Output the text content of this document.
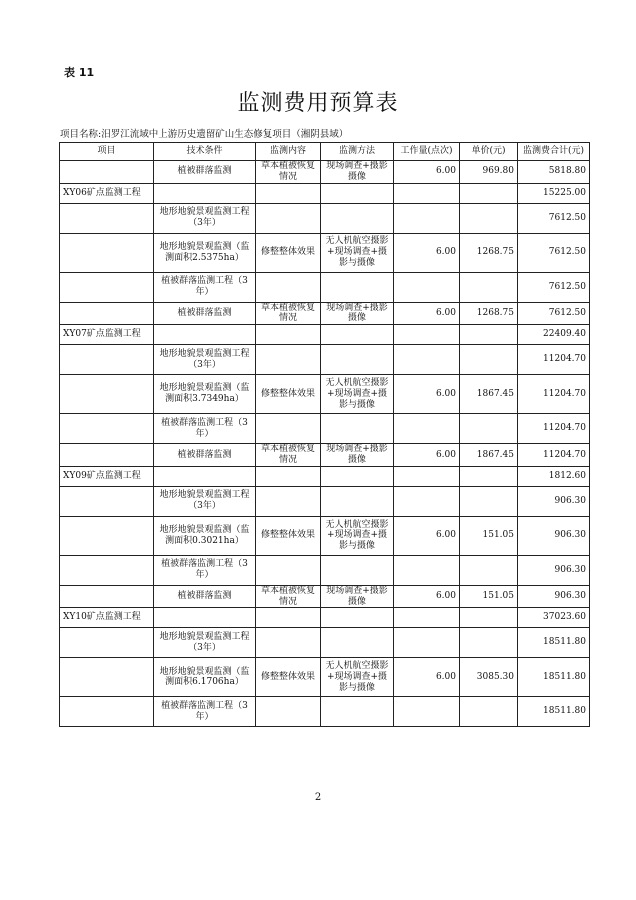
表 11
监测费用预算表
项目名称:汨罗江流域中上游历史遗留矿山生态修复项目（湘阴县域）
项目	技术条件	监测内容	监测方法	工作量(点次)	单价(元)	监测费合计(元)
	植被群落监测	草本植被恢复情况	现场调查+摄影摄像	6.00	969.80	5818.80
XY06矿点监测工程						15225.00
	地形地貌景观监测工程（3年）					7612.50
	地形地貌景观监测（监测面积2.5375ha）	修整整体效果	无人机航空摄影+现场调查+摄影与摄像	6.00	1268.75	7612.50
	植被群落监测工程（3年）					7612.50
	植被群落监测	草本植被恢复情况	现场调查+摄影摄像	6.00	1268.75	7612.50
XY07矿点监测工程						22409.40
	地形地貌景观监测工程（3年）					11204.70
	地形地貌景观监测（监测面积3.7349ha）	修整整体效果	无人机航空摄影+现场调查+摄影与摄像	6.00	1867.45	11204.70
	植被群落监测工程（3年）					11204.70
	植被群落监测	草本植被恢复情况	现场调查+摄影摄像	6.00	1867.45	11204.70
XY09矿点监测工程						1812.60
	地形地貌景观监测工程（3年）					906.30
	地形地貌景观监测（监测面积0.3021ha）	修整整体效果	无人机航空摄影+现场调查+摄影与摄像	6.00	151.05	906.30
	植被群落监测工程（3年）					906.30
	植被群落监测	草本植被恢复情况	现场调查+摄影摄像	6.00	151.05	906.30
XY10矿点监测工程						37023.60
	地形地貌景观监测工程（3年）					18511.80
	地形地貌景观监测（监测面积6.1706ha）	修整整体效果	无人机航空摄影+现场调查+摄影与摄像	6.00	3085.30	18511.80
	植被群落监测工程（3年）					18511.80
2
